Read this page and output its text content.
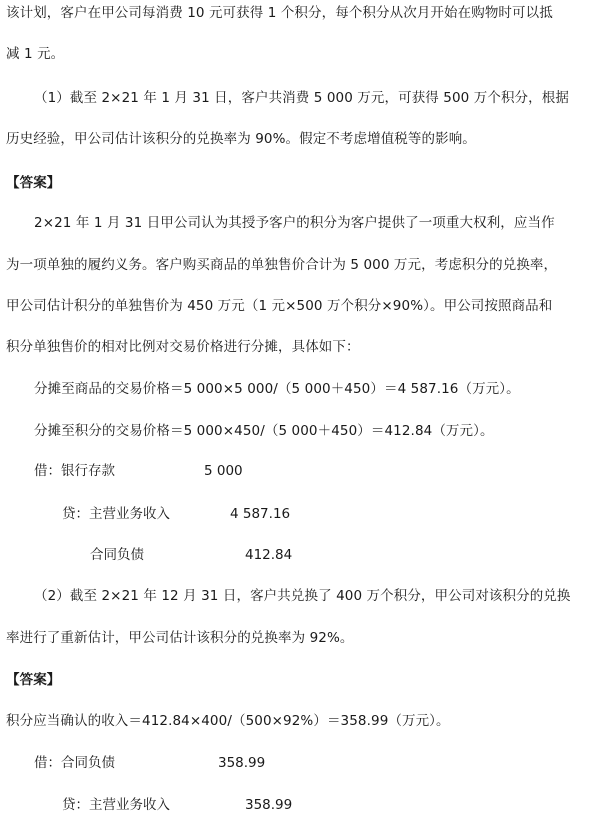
该计划，客户在甲公司每消费 10 元可获得 1 个积分，每个积分从次月开始在购物时可以抵
减 1 元。
（1）截至 2×21 年 1 月 31 日，客户共消费 5 000 万元，可获得 500 万个积分，根据
历史经验，甲公司估计该积分的兑换率为 90%。假定不考虑增值税等的影响。
【答案】
2×21 年 1 月 31 日甲公司认为其授予客户的积分为客户提供了一项重大权利，应当作
为一项单独的履约义务。客户购买商品的单独售价合计为 5 000 万元，考虑积分的兑换率，
甲公司估计积分的单独售价为 450 万元（1 元×500 万个积分×90%）。甲公司按照商品和
积分单独售价的相对比例对交易价格进行分摊，具体如下：
分摊至商品的交易价格＝5 000×5 000/（5 000＋450）＝4 587.16（万元）。
分摊至积分的交易价格＝5 000×450/（5 000＋450）＝412.84（万元）。
借：银行存款	5 000
贷：主营业务收入	4 587.16
合同负债	412.84
（2）截至 2×21 年 12 月 31 日，客户共兑换了 400 万个积分，甲公司对该积分的兑换
率进行了重新估计，甲公司估计该积分的兑换率为 92%。
【答案】
积分应当确认的收入＝412.84×400/（500×92%）＝358.99（万元）。
借：合同负债	358.99
贷：主营业务收入	358.99
